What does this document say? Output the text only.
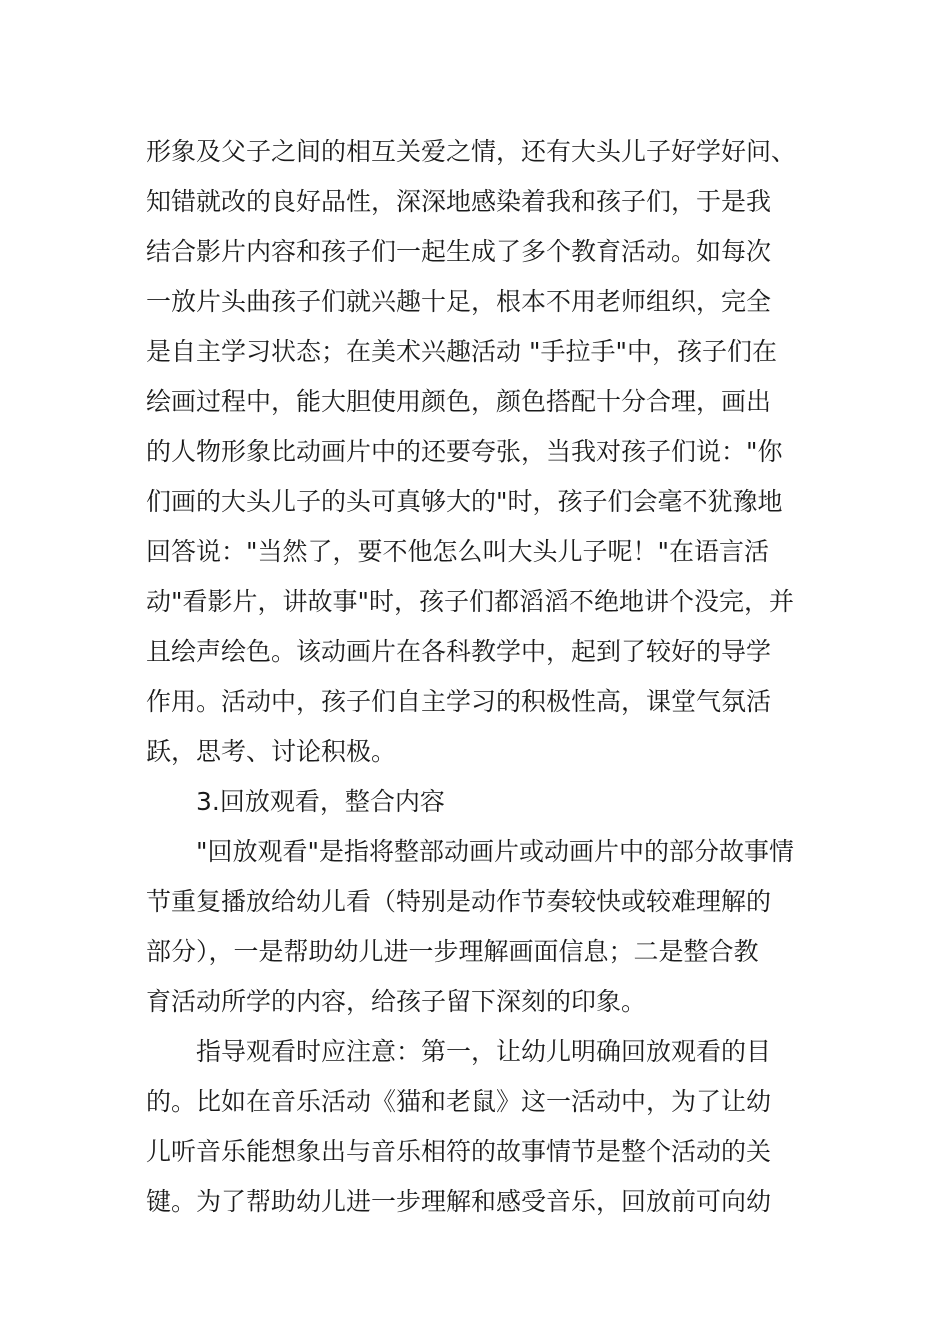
形象及父子之间的相互关爱之情，还有大头儿子好学好问、
知错就改的良好品性，深深地感染着我和孩子们，于是我
结合影片内容和孩子们一起生成了多个教育活动。如每次
一放片头曲孩子们就兴趣十足，根本不用老师组织，完全
是自主学习状态；在美术兴趣活动 "手拉手"中，孩子们在
绘画过程中，能大胆使用颜色，颜色搭配十分合理，画出
的人物形象比动画片中的还要夸张，当我对孩子们说："你
们画的大头儿子的头可真够大的"时，孩子们会毫不犹豫地
回答说："当然了，要不他怎么叫大头儿子呢！"在语言活
动"看影片，讲故事"时，孩子们都滔滔不绝地讲个没完，并
且绘声绘色。该动画片在各科教学中，起到了较好的导学
作用。活动中，孩子们自主学习的积极性高，课堂气氛活
跃，思考、讨论积极。
3.回放观看，整合内容
"回放观看"是指将整部动画片或动画片中的部分故事情
节重复播放给幼儿看（特别是动作节奏较快或较难理解的
部分），一是帮助幼儿进一步理解画面信息；二是整合教
育活动所学的内容，给孩子留下深刻的印象。
指导观看时应注意：第一，让幼儿明确回放观看的目
的。比如在音乐活动《猫和老鼠》这一活动中，为了让幼
儿听音乐能想象出与音乐相符的故事情节是整个活动的关
键。为了帮助幼儿进一步理解和感受音乐，回放前可向幼
